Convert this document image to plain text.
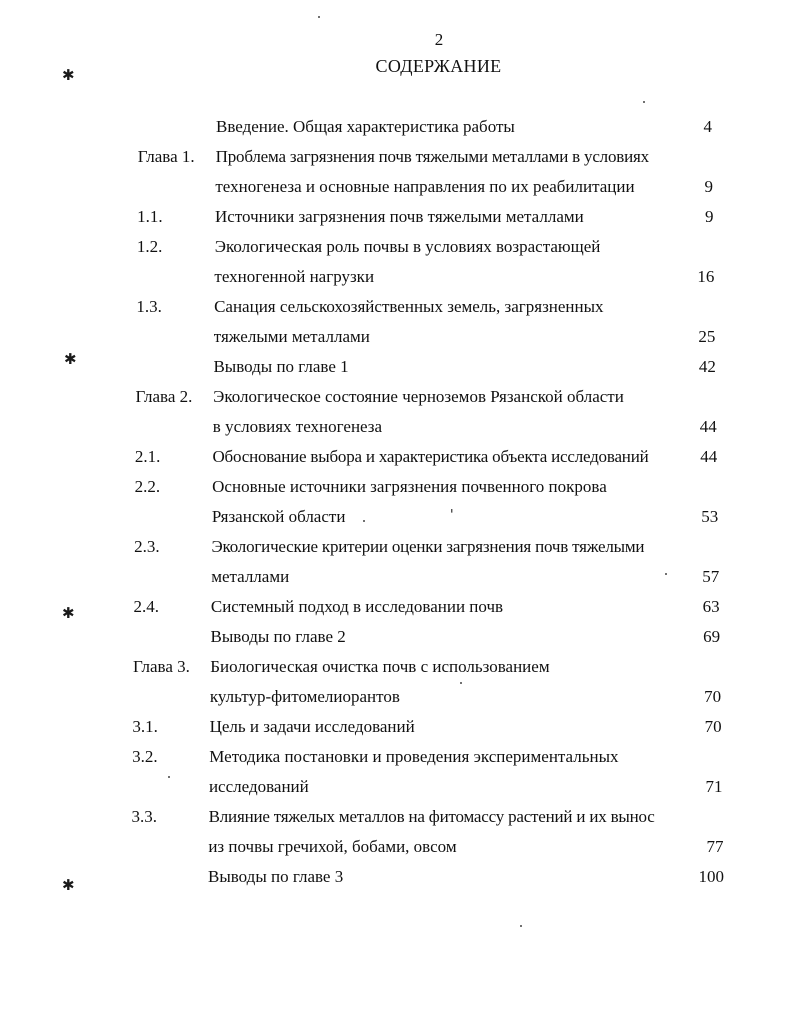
2
СОДЕРЖАНИЕ
Введение. Общая характеристика работы	4
Глава 1. Проблема загрязнения почв тяжелыми металлами в условиях
техногенеза и основные направления по их реабилитации	9
1.1.	Источники загрязнения почв тяжелыми металлами	9
1.2.	Экологическая роль почвы в условиях возрастающей
техногенной нагрузки	16
1.3.	Санация сельскохозяйственных земель, загрязненных
тяжелыми металлами	25
Выводы по главе 1	42
Глава 2. Экологическое состояние черноземов Рязанской области
в условиях техногенеза	44
2.1.	Обоснование выбора и характеристика объекта исследований	44
2.2.	Основные источники загрязнения почвенного покрова
Рязанской области	53
2.3.	Экологические критерии оценки загрязнения почв тяжелыми
металлами	57
2.4.	Системный подход в исследовании почв	63
Выводы по главе 2	69
Глава 3. Биологическая очистка почв с использованием
культур-фитомелиорантов	70
3.1.	Цель и задачи исследований	70
3.2.	Методика постановки и проведения экспериментальных
исследований	71
3.3.	Влияние тяжелых металлов на фитомассу растений и их вынос
из почвы гречихой, бобами, овсом	77
Выводы по главе 3	100
✱
✱
✱
✱
'
